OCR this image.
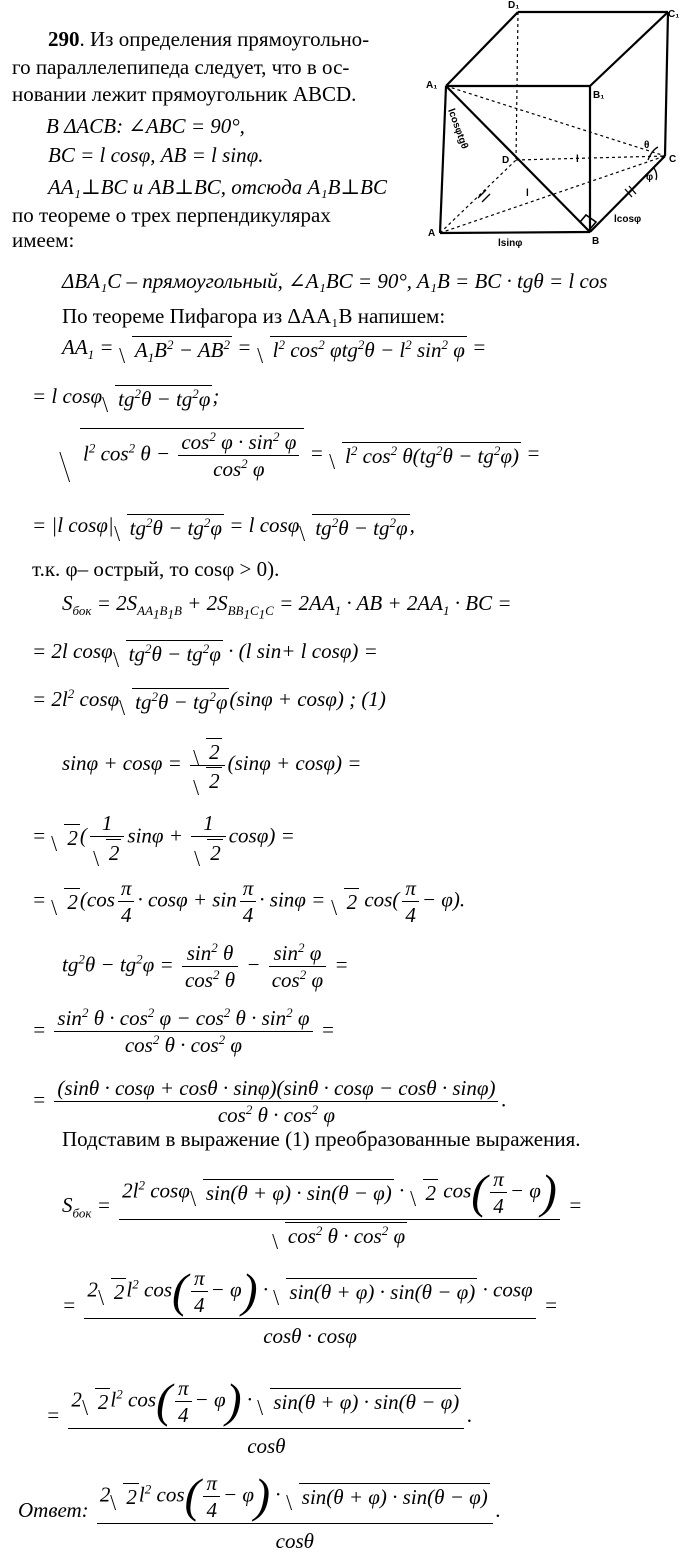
D₁
C₁
A₁
B₁
D	C
A
B
lcosφtgθ
l
l
lcosφ
lsinφ
θ
φ
290. Из определения прямоугольно-
го параллелепипеда следует, что в ос-
новании лежит прямоугольник ABCD.
В ΔACB: ∠ABC = 90°,
BC = l cosφ, AB = l sinφ.
AA₁⊥BC и AB⊥BC, отсюда A₁B⊥BC
по теореме о трех перпендикулярах
имеем:
ΔBA₁C – прямоугольный, ∠A₁BC = 90°, A₁B = BC · tgθ = l cos
По теореме Пифагора из ΔAA₁B напишем:
$AA_1 = A_1B^2 - AB^2 = l^2$ $\cos^2 \varphi tg^2\theta - l^2$ $\sin^2 \varphi$ =
= l cosφ $tg^2\theta - tg^2\varphi$;
$l^2$ $\cos^2 \theta - \frac{\cos^2 \varphi \cdot \sin^2 \varphi}{\cos^2 \varphi} = l^2$ $\cos^2 \theta(tg^2\theta - tg^2\varphi)$ =
= |l cosφ| $tg^2\theta - tg^2\varphi = l$ cosφ $tg^2\theta - tg^2\varphi$,
т.к. φ– острый, то cosφ > 0).
$S_{бок} = 2S_{AA_1B_1B} + 2S_{BB_1C_1C} = 2AA_1$ · AB + $2AA_1$ · BC =
= 2l cosφ $tg^2\theta - tg^2\varphi \cdot (l$ sin+ l cosφ) =
= $2l^2$ cosφ $tg^2\theta - tg^2\varphi(\sin\varphi + \cos\varphi)$ ; (1)
$\sin\varphi + \cos\varphi = \frac{2}{2} (\sin\varphi + \cos\varphi)$ =
= $2( \frac{1}{2}$ $\sin\varphi + \frac{1}{2} \cos\varphi$) =
= $2(\cos \frac{\pi}{4} \cdot \cos\varphi + \sin \frac{\pi}{4} \cdot \sin\varphi = 2$ $\cos( \frac{\pi}{4} - \varphi)$.
$tg^2\theta - tg^2\varphi = \frac{\sin^2 \theta}{\cos^2 \theta} - \frac{\sin^2 \varphi}{\cos^2 \varphi}$ =
= $\frac{\sin^2 \theta \cdot \cos^2 \varphi - \cos^2 \theta \cdot \sin^2 \varphi}{\cos^2 \theta \cdot \cos^2 \varphi}$ =
= $\frac{(\sin\theta \cdot \cos\varphi + \cos\theta \cdot \sin\varphi)(\sin\theta \cdot \cos\varphi - \cos\theta \cdot \sin\varphi)}{\cos^2 \theta \cdot \cos^2 \varphi}$ .
Подставим в выражение (1) преобразованные выражения.
$S_{бок} = \frac{2l^2 \cos\varphi \sin(\theta + \varphi) \cdot \sin(\theta - \varphi) \cdot 2 \cos( \frac{\pi}{4} - \varphi)}{\cos^2 \theta \cdot \cos^2 \varphi}$ =
= $\frac{2 2l^2 \cos( \frac{\pi}{4} - \varphi) \cdot \sin(\theta + \varphi) \cdot \sin(\theta - \varphi) \cdot \cos\varphi}{\cos\theta \cdot \cos\varphi}$ =
= $\frac{2 2l^2 \cos( \frac{\pi}{4} - \varphi) \cdot \sin(\theta + \varphi) \cdot \sin(\theta - \varphi)}{\cos\theta}$ .
Ответ: $\frac{2 2l^2 \cos( \frac{\pi}{4} - \varphi) \cdot \sin(\theta + \varphi) \cdot \sin(\theta - \varphi)}{\cos\theta}$ .
